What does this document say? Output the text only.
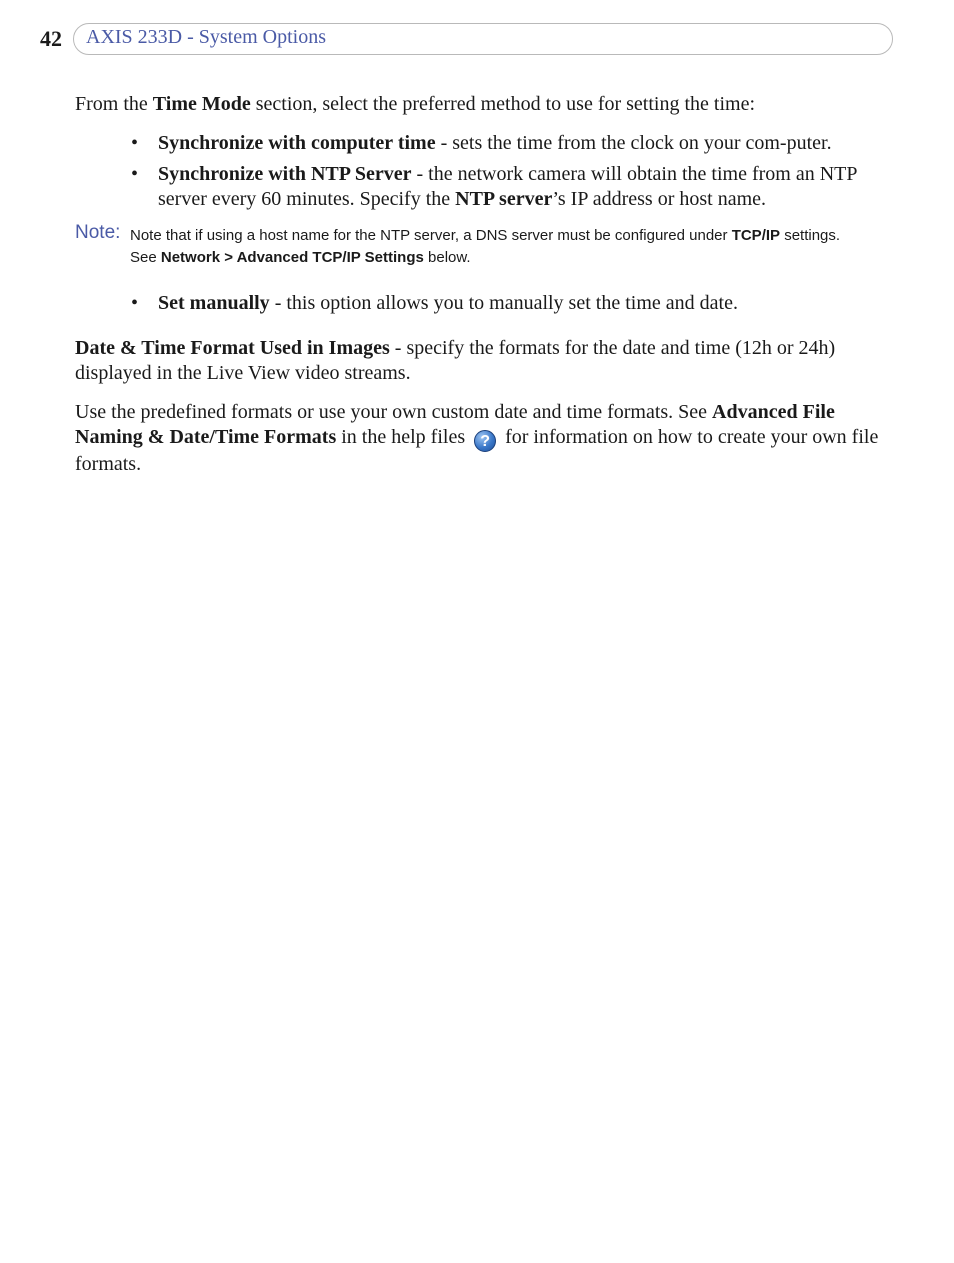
42 AXIS 233D - System Options

From the Time Mode section, select the preferred method to use for setting the time:

• Synchronize with computer time - sets the time from the clock on your com-puter.
• Synchronize with NTP Server - the network camera will obtain the time from an NTP server every 60 minutes. Specify the NTP server’s IP address or host name.
Note: Note that if using a host name for the NTP server, a DNS server must be configured under TCP/IP settings.
See Network > Advanced TCP/IP Settings below.
• Set manually - this option allows you to manually set the time and date.

Date & Time Format Used in Images - specify the formats for the date and time (12h or 24h) displayed in the Live View video streams.

Use the predefined formats or use your own custom date and time formats. See Advanced File Naming & Date/Time Formats in the help files ? for information on how to create your own file formats.
